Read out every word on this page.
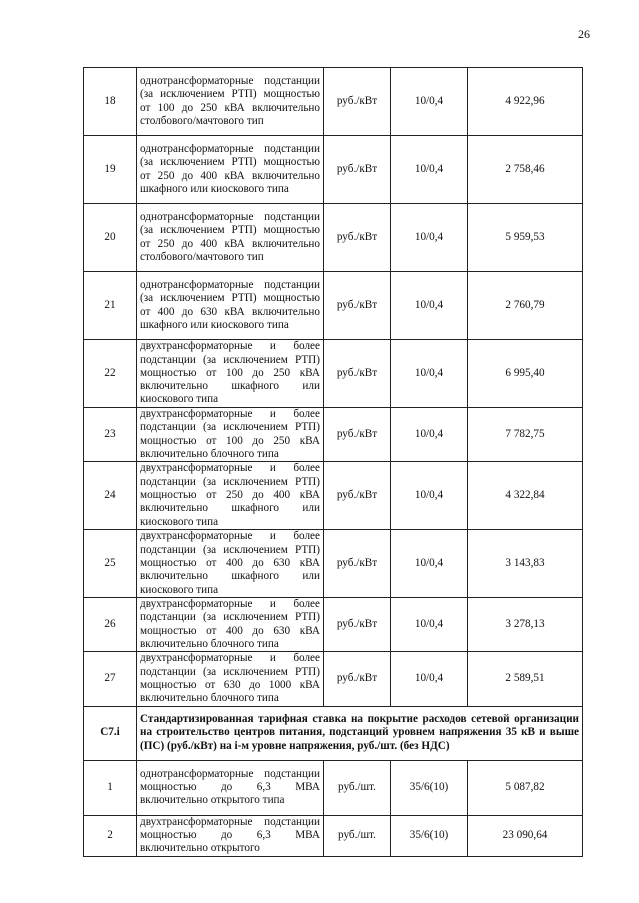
26
18	однотрансформаторные подстанции (за исключением РТП) мощностью от 100 до 250 кВА включительно столбового/мачтового тип	руб./кВт	10/0,4	4 922,96
19	однотрансформаторные подстанции (за исключением РТП) мощностью от 250 до 400 кВА включительно шкафного или киоскового типа	руб./кВт	10/0,4	2 758,46
20	однотрансформаторные подстанции (за исключением РТП) мощностью от 250 до 400 кВА включительно столбового/мачтового тип	руб./кВт	10/0,4	5 959,53
21	однотрансформаторные подстанции (за исключением РТП) мощностью от 400 до 630 кВА включительно шкафного или киоскового типа	руб./кВт	10/0,4	2 760,79
22	двухтрансформаторные и более подстанции (за исключением РТП) мощностью от 100 до 250 кВА включительно шкафного или киоскового типа	руб./кВт	10/0,4	6 995,40
23	двухтрансформаторные и более подстанции (за исключением РТП) мощностью от 100 до 250 кВА включительно блочного типа	руб./кВт	10/0,4	7 782,75
24	двухтрансформаторные и более подстанции (за исключением РТП) мощностью от 250 до 400 кВА включительно шкафного или киоскового типа	руб./кВт	10/0,4	4 322,84
25	двухтрансформаторные и более подстанции (за исключением РТП) мощностью от 400 до 630 кВА включительно шкафного или киоскового типа	руб./кВт	10/0,4	3 143,83
26	двухтрансформаторные и более подстанции (за исключением РТП) мощностью от 400 до 630 кВА включительно блочного типа	руб./кВт	10/0,4	3 278,13
27	двухтрансформаторные и более подстанции (за исключением РТП) мощностью от 630 до 1000 кВА включительно блочного типа	руб./кВт	10/0,4	2 589,51
С7.i	Стандартизированная тарифная ставка на покрытие расходов сетевой организации на строительство центров питания, подстанций уровнем напряжения 35 кВ и выше (ПС) (руб./кВт) на i-м уровне напряжения, руб./шт. (без НДС)			
1	однотрансформаторные подстанции мощностью до 6,3 МВА включительно открытого типа	руб./шт.	35/6(10)	5 087,82
2	двухтрансформаторные подстанции мощностью до 6,3 МВА включительно открытого	руб./шт.	35/6(10)	23 090,64
